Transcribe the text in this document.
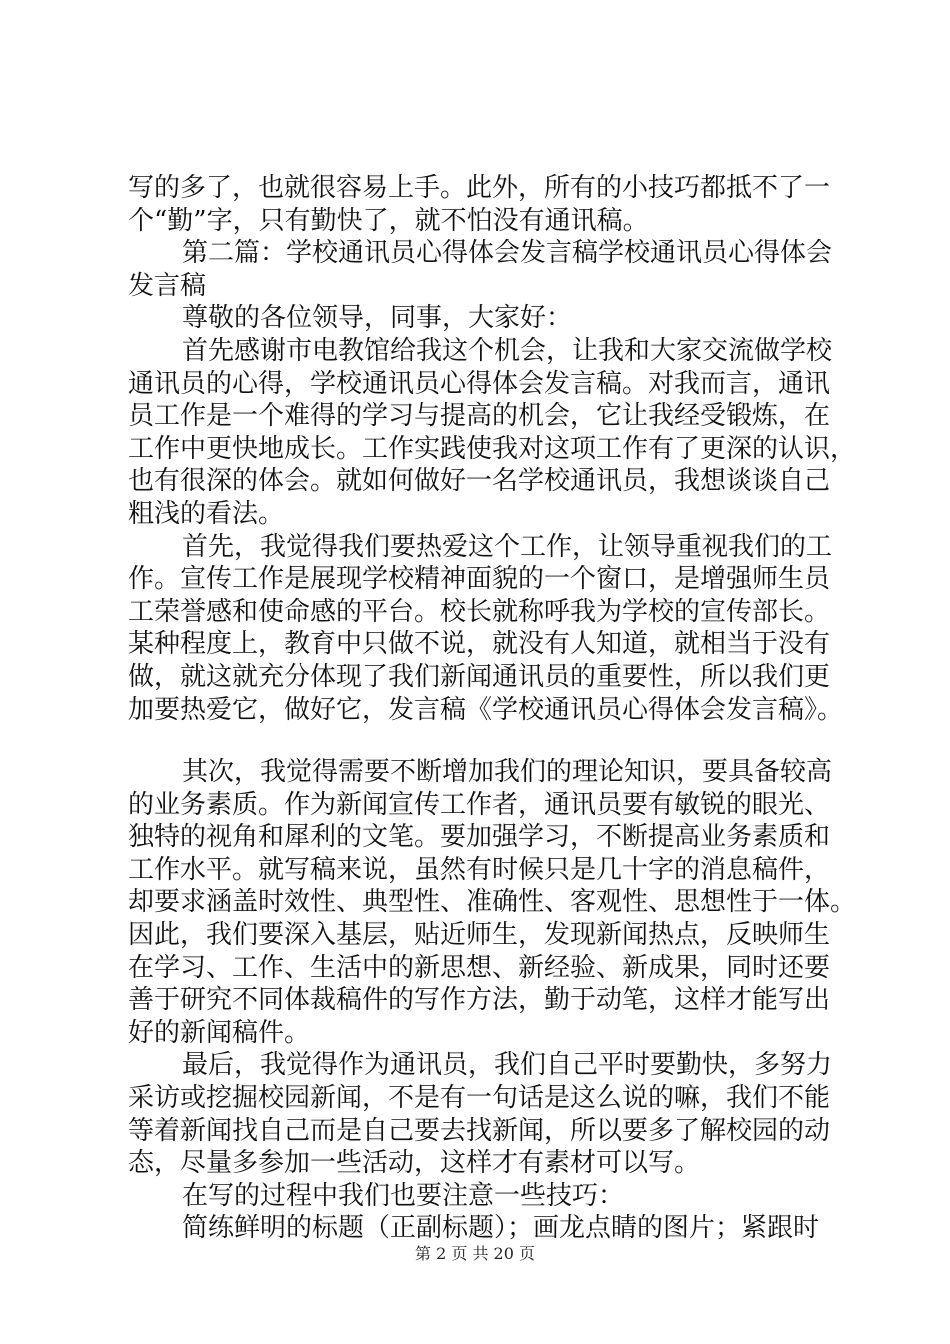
写的多了，也就很容易上手。此外，所有的小技巧都抵不了一
个“勤”字，只有勤快了，就不怕没有通讯稿。
第二篇：学校通讯员心得体会发言稿学校通讯员心得体会
发言稿
尊敬的各位领导，同事，大家好：
首先感谢市电教馆给我这个机会，让我和大家交流做学校
通讯员的心得，学校通讯员心得体会发言稿。对我而言，通讯
员工作是一个难得的学习与提高的机会，它让我经受锻炼，在
工作中更快地成长。工作实践使我对这项工作有了更深的认识，
也有很深的体会。就如何做好一名学校通讯员，我想谈谈自己
粗浅的看法。
首先，我觉得我们要热爱这个工作，让领导重视我们的工
作。宣传工作是展现学校精神面貌的一个窗口，是增强师生员
工荣誉感和使命感的平台。校长就称呼我为学校的宣传部长。
某种程度上，教育中只做不说，就没有人知道，就相当于没有
做，就这就充分体现了我们新闻通讯员的重要性，所以我们更
加要热爱它，做好它，发言稿《学校通讯员心得体会发言稿》。
其次，我觉得需要不断增加我们的理论知识，要具备较高
的业务素质。作为新闻宣传工作者，通讯员要有敏锐的眼光、
独特的视角和犀利的文笔。要加强学习，不断提高业务素质和
工作水平。就写稿来说，虽然有时候只是几十字的消息稿件，
却要求涵盖时效性、典型性、准确性、客观性、思想性于一体。
因此，我们要深入基层，贴近师生，发现新闻热点，反映师生
在学习、工作、生活中的新思想、新经验、新成果，同时还要
善于研究不同体裁稿件的写作方法，勤于动笔，这样才能写出
好的新闻稿件。
最后，我觉得作为通讯员，我们自己平时要勤快，多努力
采访或挖掘校园新闻，不是有一句话是这么说的嘛，我们不能
等着新闻找自己而是自己要去找新闻，所以要多了解校园的动
态，尽量多参加一些活动，这样才有素材可以写。
在写的过程中我们也要注意一些技巧：
简练鲜明的标题（正副标题）；画龙点睛的图片；紧跟时
第 2 页 共 20 页
